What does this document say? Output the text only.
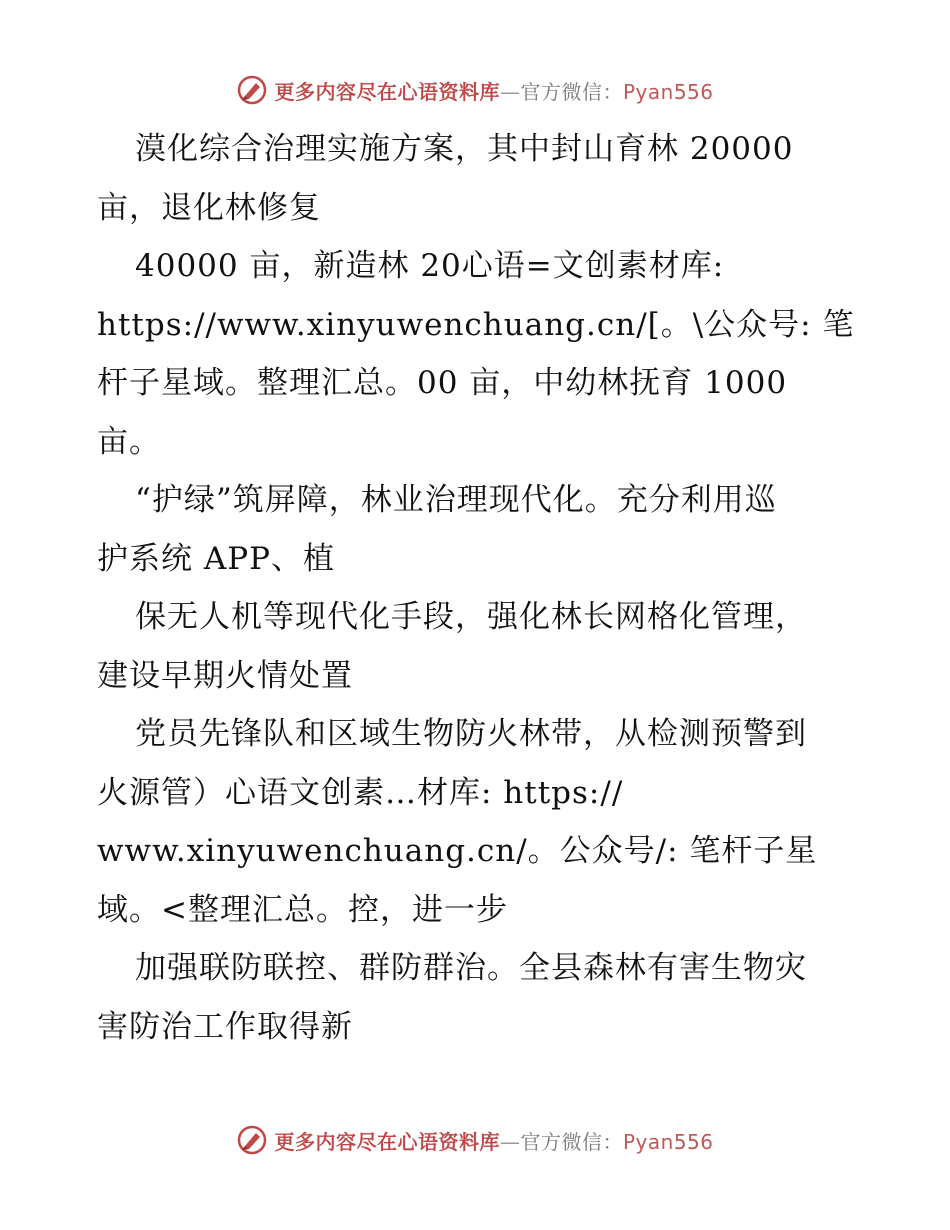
更多内容尽在心语资料库—官方微信：Pyan556
漠化综合治理实施方案，其中封山育林 20000
亩，退化林修复
40000 亩，新造林 20心语=文创素材库:
https://www.xinyuwenchuang.cn/[。\公众号: 笔
杆子星域。整理汇总。00 亩，中幼林抚育 1000
亩。
“护绿”筑屏障，林业治理现代化。充分利用巡
护系统 APP、植
保无人机等现代化手段，强化林长网格化管理，
建设早期火情处置
党员先锋队和区域生物防火林带，从检测预警到
火源管）心语文创素…材库: https://
www.xinyuwenchuang.cn/。公众号/: 笔杆子星
域。<整理汇总。控，进一步
加强联防联控、群防群治。全县森林有害生物灾
害防治工作取得新
更多内容尽在心语资料库—官方微信：Pyan556
